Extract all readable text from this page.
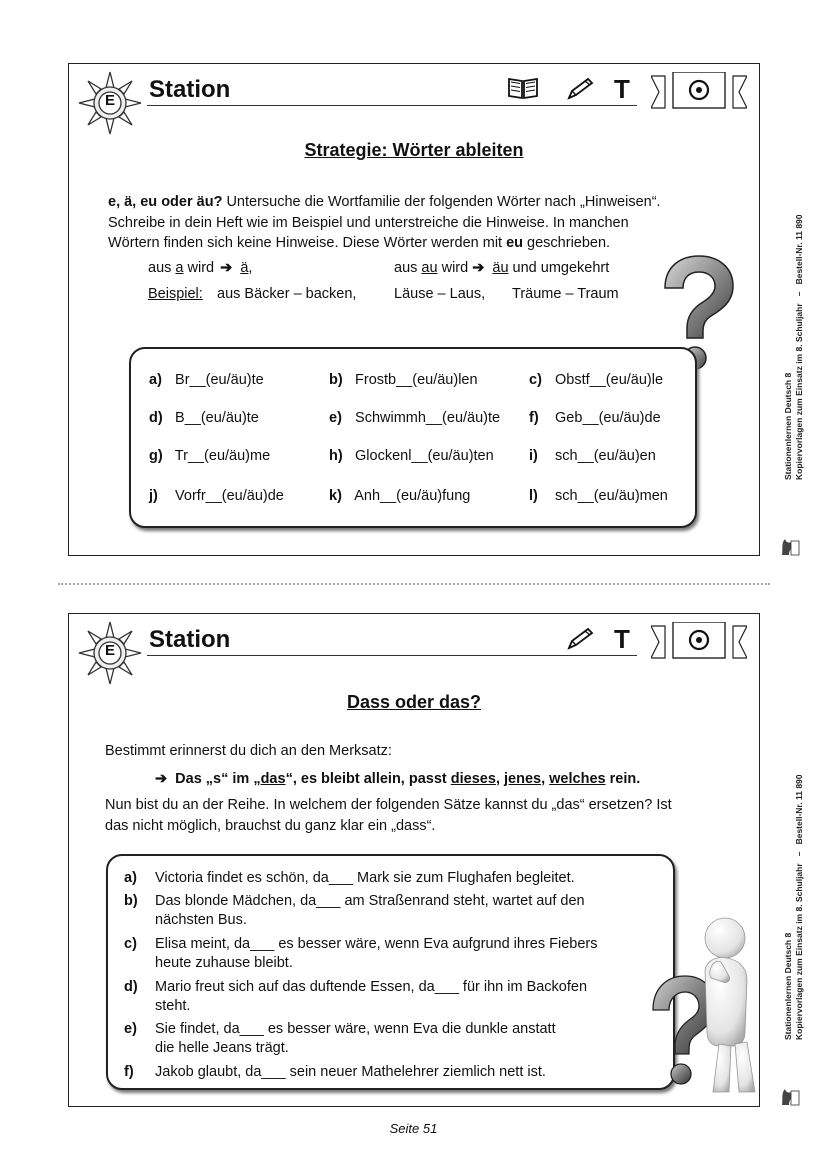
E Station	T
Strategie: Wörter ableiten
e, ä, eu oder äu? Untersuche die Wortfamilie der folgenden Wörter nach „Hinweisen“.
Schreibe in dein Heft wie im Beispiel und unterstreiche die Hinweise. In manchen
Wörtern finden sich keine Hinweise. Diese Wörter werden mit eu geschrieben.
aus a wird ➔ ä,	aus au wird ➔ äu und umgekehrt
Beispiel: aus Bäcker – backen,	Läuse – Laus, Träume – Traum
a) Br__(eu/äu)te	b) Frostb__(eu/äu)len	c) Obstf__(eu/äu)le
d) B__(eu/äu)te	e) Schwimmh__(eu/äu)te f) Geb__(eu/äu)de
g) Tr__(eu/äu)me	h) Glockenl__(eu/äu)ten i) sch__(eu/äu)en
j) Vorfr__(eu/äu)de	k) Anh__(eu/äu)fung	l) sch__(eu/äu)men
E Station	T
Dass oder das?
Bestimmt erinnerst du dich an den Merksatz:
➔ Das „s“ im „das“, es bleibt allein, passt dieses, jenes, welches rein.
Nun bist du an der Reihe. In welchem der folgenden Sätze kannst du „das“ ersetzen? Ist
das nicht möglich, brauchst du ganz klar ein „dass“.
a) Victoria findet es schön, da___ Mark sie zum Flughafen begleitet.
b) Das blonde Mädchen, da___ am Straßenrand steht, wartet auf den
nächsten Bus.
c) Elisa meint, da___ es besser wäre, wenn Eva aufgrund ihres Fiebers
heute zuhause bleibt.
d) Mario freut sich auf das duftende Essen, da___ für ihn im Backofen
steht.
e) Sie findet, da___ es besser wäre, wenn Eva die dunkle anstatt
die helle Jeans trägt.
f) Jakob glaubt, da___ sein neuer Mathelehrer ziemlich nett ist.
Stationenlernen Deutsch 8 Kopiervorlagen zum Einsatz im 8. Schuljahr   –   Bestell-Nr. 11 890
Stationenlernen Deutsch 8 Kopiervorlagen zum Einsatz im 8. Schuljahr   –   Bestell-Nr. 11 890
Seite 51
